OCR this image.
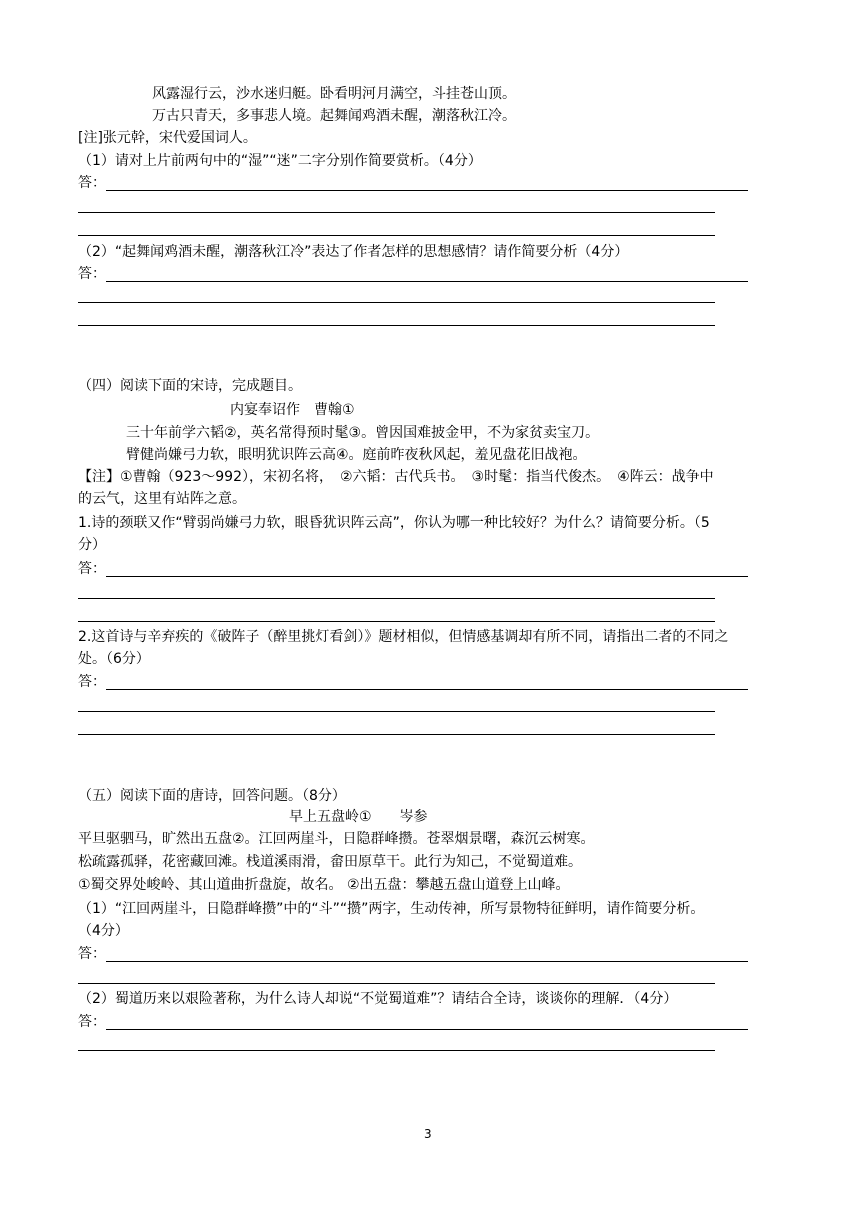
风露湿行云，沙水迷归艇。卧看明河月满空，斗挂苍山顶。
万古只青天，多事悲人境。起舞闻鸡酒未醒，潮落秋江冷。
[注]张元幹，宋代爱国词人。
（1）请对上片前两句中的“湿”“迷”二字分别作简要赏析。（4分）
答：
（2）“起舞闻鸡酒未醒，潮落秋江冷”表达了作者怎样的思想感情？请作简要分析（4分）
答：
（四）阅读下面的宋诗，完成题目。
内宴奉诏作　曹翰①
三十年前学六韬②，英名常得预时髦③。曾因国难披金甲，不为家贫卖宝刀。
臂健尚嫌弓力软，眼明犹识阵云高④。庭前昨夜秋风起，羞见盘花旧战袍。
【注】①曹翰（923～992），宋初名将，　②六韬：古代兵书。　③时髦：指当代俊杰。　④阵云：战争中
的云气，这里有站阵之意。
1.诗的颈联又作“臂弱尚嫌弓力软，眼昏犹识阵云高”，你认为哪一种比较好？为什么？请简要分析。（5
分）
答：
2.这首诗与辛弃疾的《破阵子（醉里挑灯看剑）》题材相似，但情感基调却有所不同，请指出二者的不同之
处。（6分）
答：
（五）阅读下面的唐诗，回答问题。（8分）
早上五盘岭①　　岑参
平旦驱驷马，旷然出五盘②。江回两崖斗，日隐群峰攒。苍翠烟景曙，森沉云树寒。
松疏露孤驿，花密藏回滩。栈道溪雨滑，畲田原草干。此行为知己，不觉蜀道难。
①蜀交界处峻岭、其山道曲折盘旋，故名。 ②出五盘：攀越五盘山道登上山峰。
（1）“江回两崖斗，日隐群峰攒”中的“斗”“攒”两字，生动传神，所写景物特征鲜明，请作简要分析。
（4分）
答：
（2）蜀道历来以艰险著称，为什么诗人却说“不觉蜀道难”？请结合全诗，谈谈你的理解．（4分）
答：
3
